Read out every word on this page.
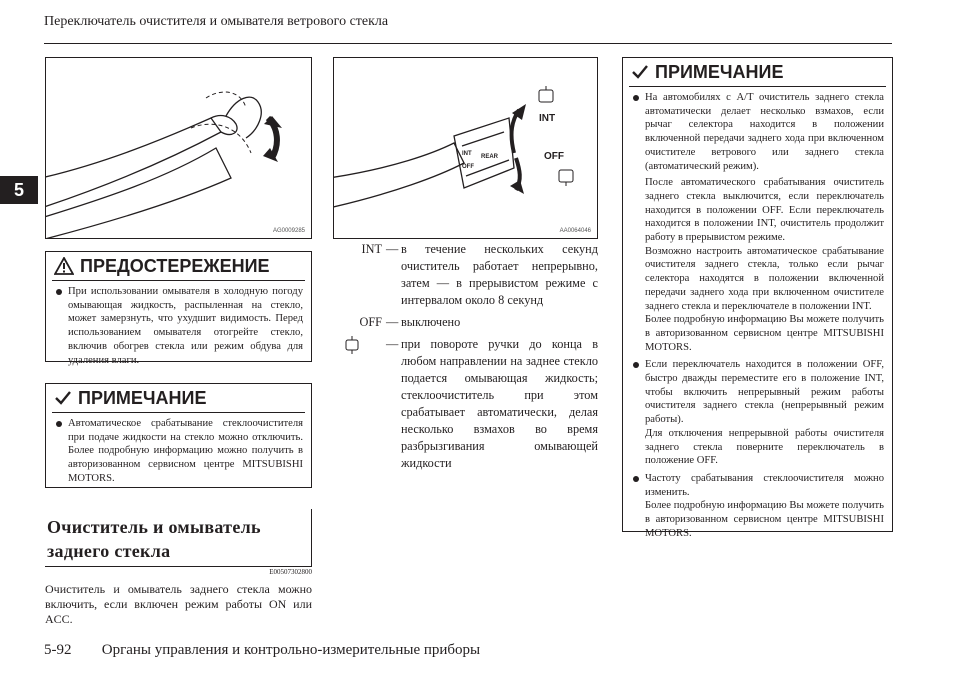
Переключатель очистителя и омывателя ветрового стекла
5
AG0009285
INT
OFF
REAR
INT
OFF
AA0064046
ПРЕДОСТЕРЕЖЕНИЕ
При использовании омывателя в холодную погоду омывающая жидкость, распыленная на стекло, может замерзнуть, что ухудшит видимость. Перед использованием омывателя отогрейте стекло, включив обогрев стекла или режим обдува для удаления влаги.
ПРИМЕЧАНИЕ
Автоматическое срабатывание стеклоочистителя при подаче жидкости на стекло можно отключить. Более подробную информацию можно получить в авторизованном сервисном центре MITSUBISHI MOTORS.
Очиститель и омыватель
заднего стекла
E00507302800
Очиститель и омыватель заднего стекла можно включить, если включен режим работы ON или ACC.
INT — в течение нескольких секунд очиститель работает непрерывно, затем — в прерывистом режиме с интервалом около 8 секунд
OFF — выключено
— при повороте ручки до конца в любом направлении на заднее стекло подается омывающая жидкость; стеклоочиститель при этом срабатывает автоматически, делая несколько взмахов во время разбрызгивания омывающей жидкости
ПРИМЕЧАНИЕ
На автомобилях с A/T очиститель заднего стекла автоматически делает несколько взмахов, если рычаг селектора находится в положении включенной передачи заднего хода при включенном очистителе ветрового или заднего стекла (автоматический режим).
После автоматического срабатывания очиститель заднего стекла выключится, если переключатель находится в положении OFF. Если переключатель находится в положении INT, очиститель продолжит работу в прерывистом режиме.
Возможно настроить автоматическое срабатывание очистителя заднего стекла, только если рычаг селектора находятся в положении включенной передачи заднего хода при включенном очистителе заднего стекла и переключателе в положении INT.
Более подробную информацию Вы можете получить в авторизованном сервисном центре MITSUBISHI MOTORS.
Если переключатель находится в положении OFF, быстро дважды переместите его в положение INT, чтобы включить непрерывный режим работы очистителя заднего стекла (непрерывный режим работы).
Для отключения непрерывной работы очистителя заднего стекла поверните переключатель в положение OFF.
Частоту срабатывания стеклоочистителя можно изменить.
Более подробную информацию Вы можете получить в авторизованном сервисном центре MITSUBISHI MOTORS.
5-92 Органы управления и контрольно-измерительные приборы
